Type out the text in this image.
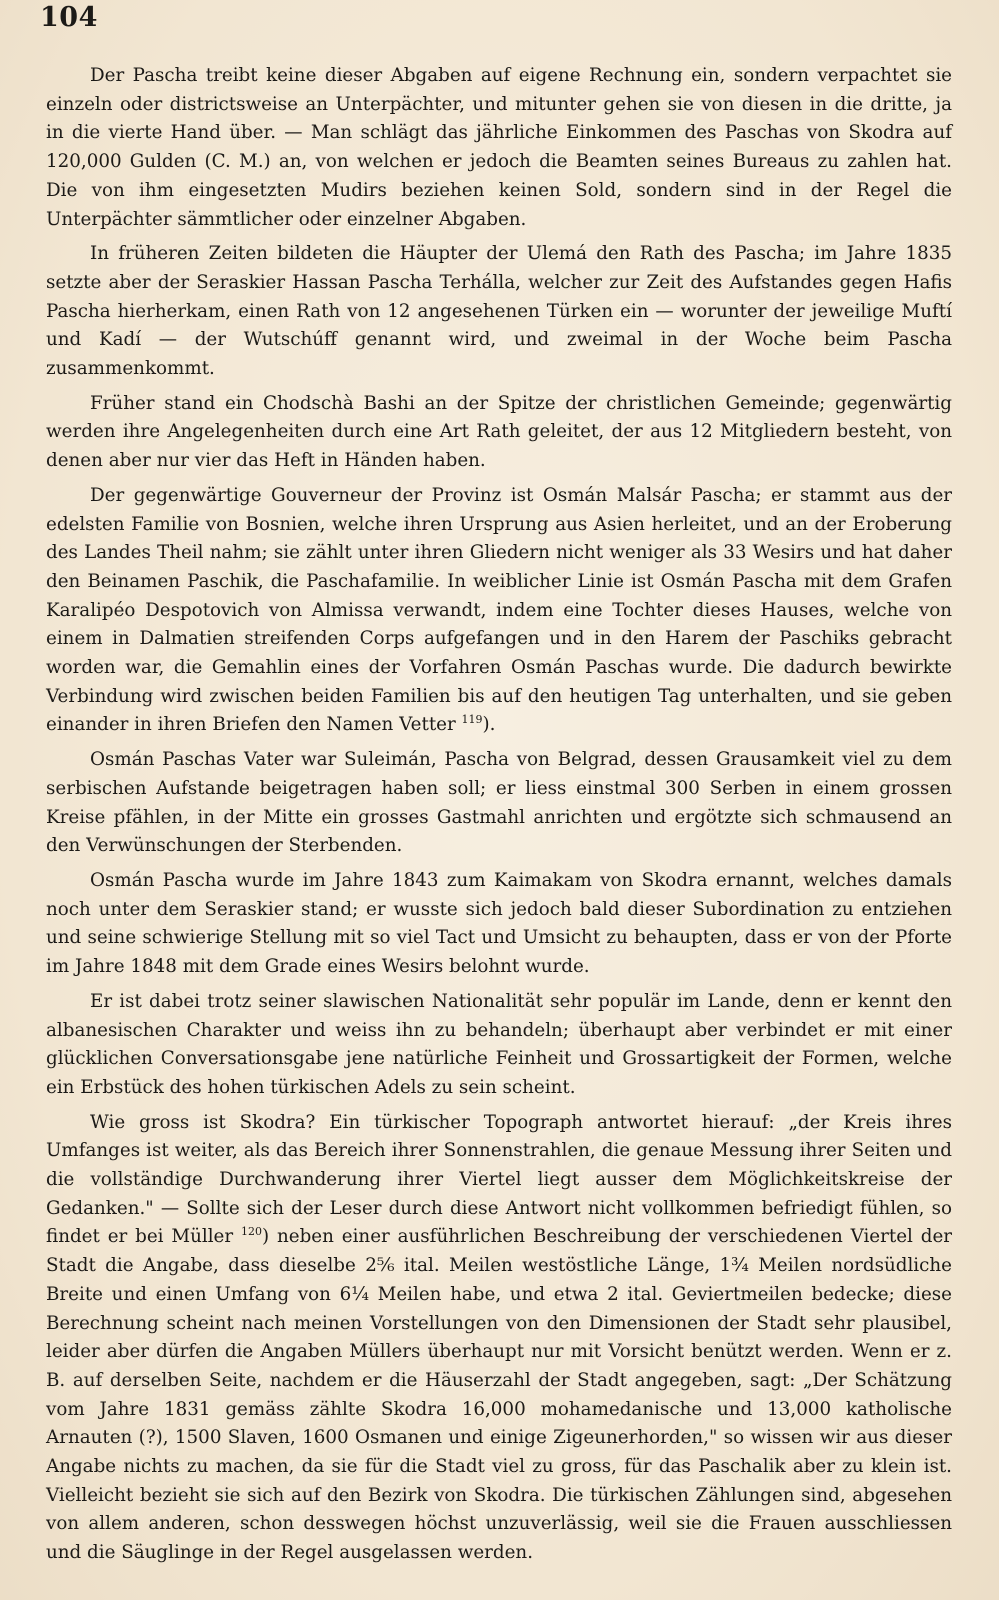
104

Der Pascha treibt keine dieser Abgaben auf eigene Rechnung ein, sondern verpachtet sie einzeln oder districtsweise an Unterpächter, und mitunter gehen sie von diesen in die dritte, ja in die vierte Hand über. — Man schlägt das jährliche Einkommen des Paschas von Skodra auf 120,000 Gulden (C. M.) an, von welchen er jedoch die Beamten seines Bureaus zu zahlen hat. Die von ihm eingesetzten Mudirs beziehen keinen Sold, sondern sind in der Regel die Unterpächter sämmtlicher oder einzelner Abgaben.

In früheren Zeiten bildeten die Häupter der Ulemá den Rath des Pascha; im Jahre 1835 setzte aber der Seraskier Hassan Pascha Terhálla, welcher zur Zeit des Aufstandes gegen Hafis Pascha hierherkam, einen Rath von 12 angesehenen Türken ein — worunter der jeweilige Muftí und Kadí — der Wutschúff genannt wird, und zweimal in der Woche beim Pascha zusammenkommt.

Früher stand ein Chodschà Bashi an der Spitze der christlichen Gemeinde; gegenwärtig werden ihre Angelegenheiten durch eine Art Rath geleitet, der aus 12 Mitgliedern besteht, von denen aber nur vier das Heft in Händen haben.

Der gegenwärtige Gouverneur der Provinz ist Osmán Malsár Pascha; er stammt aus der edelsten Familie von Bosnien, welche ihren Ursprung aus Asien herleitet, und an der Eroberung des Landes Theil nahm; sie zählt unter ihren Gliedern nicht weniger als 33 Wesirs und hat daher den Beinamen Paschik, die Paschafamilie. In weiblicher Linie ist Osmán Pascha mit dem Grafen Karalipéo Despotovich von Almissa verwandt, indem eine Tochter dieses Hauses, welche von einem in Dalmatien streifenden Corps aufgefangen und in den Harem der Paschiks gebracht worden war, die Gemahlin eines der Vorfahren Osmán Paschas wurde. Die dadurch bewirkte Verbindung wird zwischen beiden Familien bis auf den heutigen Tag unterhalten, und sie geben einander in ihren Briefen den Namen Vetter $^{119}$).

Osmán Paschas Vater war Suleimán, Pascha von Belgrad, dessen Grausamkeit viel zu dem serbischen Aufstande beigetragen haben soll; er liess einstmal 300 Serben in einem grossen Kreise pfählen, in der Mitte ein grosses Gastmahl anrichten und ergötzte sich schmausend an den Verwünschungen der Sterbenden.

Osmán Pascha wurde im Jahre 1843 zum Kaimakam von Skodra ernannt, welches damals noch unter dem Seraskier stand; er wusste sich jedoch bald dieser Subordination zu entziehen und seine schwierige Stellung mit so viel Tact und Umsicht zu behaupten, dass er von der Pforte im Jahre 1848 mit dem Grade eines Wesirs belohnt wurde.

Er ist dabei trotz seiner slawischen Nationalität sehr populär im Lande, denn er kennt den albanesischen Charakter und weiss ihn zu behandeln; überhaupt aber verbindet er mit einer glücklichen Conversationsgabe jene natürliche Feinheit und Grossartigkeit der Formen, welche ein Erbstück des hohen türkischen Adels zu sein scheint.

Wie gross ist Skodra? Ein türkischer Topograph antwortet hierauf: „der Kreis ihres Umfanges ist weiter, als das Bereich ihrer Sonnenstrahlen, die genaue Messung ihrer Seiten und die vollständige Durchwanderung ihrer Viertel liegt ausser dem Möglichkeitskreise der Gedanken." — Sollte sich der Leser durch diese Antwort nicht vollkommen befriedigt fühlen, so findet er bei Müller $^{120}$) neben einer ausführlichen Beschreibung der verschiedenen Viertel der Stadt die Angabe, dass dieselbe 2⁵⁄₆ ital. Meilen westöstliche Länge, 1¾ Meilen nordsüdliche Breite und einen Umfang von 6¼ Meilen habe, und etwa 2 ital. Geviertmeilen bedecke; diese Berechnung scheint nach meinen Vorstellungen von den Dimensionen der Stadt sehr plausibel, leider aber dürfen die Angaben Müllers überhaupt nur mit Vorsicht benützt werden. Wenn er z. B. auf derselben Seite, nachdem er die Häuserzahl der Stadt angegeben, sagt: „Der Schätzung vom Jahre 1831 gemäss zählte Skodra 16,000 mohamedanische und 13,000 katholische Arnauten (?), 1500 Slaven, 1600 Osmanen und einige Zigeunerhorden," so wissen wir aus dieser Angabe nichts zu machen, da sie für die Stadt viel zu gross, für das Paschalik aber zu klein ist. Vielleicht bezieht sie sich auf den Bezirk von Skodra. Die türkischen Zählungen sind, abgesehen von allem anderen, schon desswegen höchst unzuverlässig, weil sie die Frauen ausschliessen und die Säuglinge in der Regel ausgelassen werden.
